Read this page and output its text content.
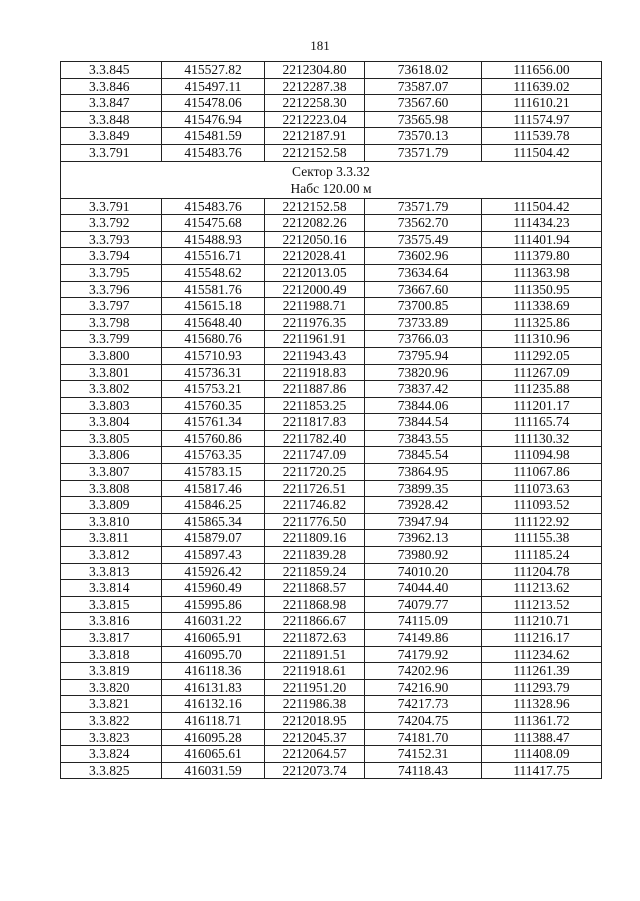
181
3.3.845	415527.82	2212304.80	73618.02	111656.00
3.3.846	415497.11	2212287.38	73587.07	111639.02
3.3.847	415478.06	2212258.30	73567.60	111610.21
3.3.848	415476.94	2212223.04	73565.98	111574.97
3.3.849	415481.59	2212187.91	73570.13	111539.78
3.3.791	415483.76	2212152.58	73571.79	111504.42

Сектор 3.3.32
Набс 120.00 м				

3.3.791	415483.76	2212152.58	73571.79	111504.42
3.3.792	415475.68	2212082.26	73562.70	111434.23
3.3.793	415488.93	2212050.16	73575.49	111401.94
3.3.794	415516.71	2212028.41	73602.96	111379.80
3.3.795	415548.62	2212013.05	73634.64	111363.98
3.3.796	415581.76	2212000.49	73667.60	111350.95
3.3.797	415615.18	2211988.71	73700.85	111338.69
3.3.798	415648.40	2211976.35	73733.89	111325.86
3.3.799	415680.76	2211961.91	73766.03	111310.96
3.3.800	415710.93	2211943.43	73795.94	111292.05
3.3.801	415736.31	2211918.83	73820.96	111267.09
3.3.802	415753.21	2211887.86	73837.42	111235.88
3.3.803	415760.35	2211853.25	73844.06	111201.17
3.3.804	415761.34	2211817.83	73844.54	111165.74
3.3.805	415760.86	2211782.40	73843.55	111130.32
3.3.806	415763.35	2211747.09	73845.54	111094.98
3.3.807	415783.15	2211720.25	73864.95	111067.86
3.3.808	415817.46	2211726.51	73899.35	111073.63
3.3.809	415846.25	2211746.82	73928.42	111093.52
3.3.810	415865.34	2211776.50	73947.94	111122.92
3.3.811	415879.07	2211809.16	73962.13	111155.38
3.3.812	415897.43	2211839.28	73980.92	111185.24
3.3.813	415926.42	2211859.24	74010.20	111204.78
3.3.814	415960.49	2211868.57	74044.40	111213.62
3.3.815	415995.86	2211868.98	74079.77	111213.52
3.3.816	416031.22	2211866.67	74115.09	111210.71
3.3.817	416065.91	2211872.63	74149.86	111216.17
3.3.818	416095.70	2211891.51	74179.92	111234.62
3.3.819	416118.36	2211918.61	74202.96	111261.39
3.3.820	416131.83	2211951.20	74216.90	111293.79
3.3.821	416132.16	2211986.38	74217.73	111328.96
3.3.822	416118.71	2212018.95	74204.75	111361.72
3.3.823	416095.28	2212045.37	74181.70	111388.47
3.3.824	416065.61	2212064.57	74152.31	111408.09
3.3.825	416031.59	2212073.74	74118.43	111417.75
